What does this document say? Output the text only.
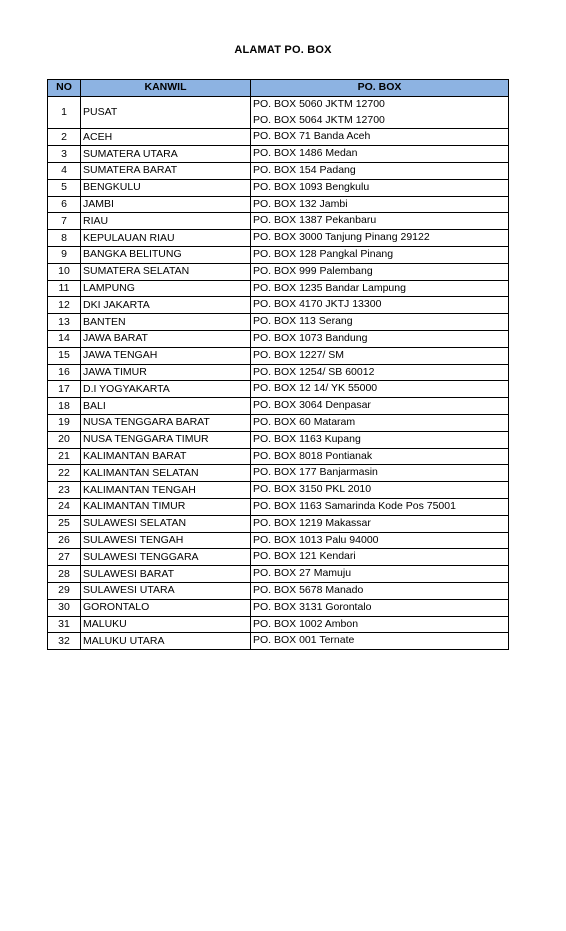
ALAMAT PO. BOX
NO	KANWIL	PO. BOX
1	PUSAT	PO. BOX 5060 JKTM 12700
PO. BOX 5064 JKTM 12700

2	ACEH	PO. BOX 71 Banda Aceh

3	SUMATERA UTARA	PO. BOX 1486 Medan

4	SUMATERA BARAT	PO. BOX 154 Padang

5	BENGKULU	PO. BOX 1093 Bengkulu

6	JAMBI	PO. BOX 132 Jambi

7	RIAU	PO. BOX 1387 Pekanbaru

8	KEPULAUAN RIAU	PO. BOX 3000 Tanjung Pinang 29122

9	BANGKA BELITUNG	PO. BOX 128 Pangkal Pinang

10	SUMATERA SELATAN	PO. BOX 999 Palembang

11	LAMPUNG	PO. BOX 1235 Bandar Lampung

12	DKI JAKARTA	PO. BOX 4170 JKTJ 13300

13	BANTEN	PO. BOX 113 Serang

14	JAWA BARAT	PO. BOX 1073 Bandung

15	JAWA TENGAH	PO. BOX 1227/ SM

16	JAWA TIMUR	PO. BOX 1254/ SB 60012

17	D.I YOGYAKARTA	PO. BOX 12 14/ YK 55000

18	BALI	PO. BOX 3064 Denpasar

19	NUSA TENGGARA BARAT	PO. BOX 60 Mataram

20	NUSA TENGGARA TIMUR	PO. BOX 1163 Kupang

21	KALIMANTAN BARAT	PO. BOX 8018 Pontianak

22	KALIMANTAN SELATAN	PO. BOX 177 Banjarmasin

23	KALIMANTAN TENGAH	PO. BOX 3150 PKL 2010

24	KALIMANTAN TIMUR	PO. BOX 1163 Samarinda Kode Pos 75001

25	SULAWESI SELATAN	PO. BOX 1219 Makassar

26	SULAWESI TENGAH	PO. BOX 1013 Palu 94000

27	SULAWESI TENGGARA	PO. BOX 121 Kendari

28	SULAWESI BARAT	PO. BOX 27 Mamuju

29	SULAWESI UTARA	PO. BOX 5678 Manado

30	GORONTALO	PO. BOX 3131 Gorontalo

31	MALUKU	PO. BOX 1002 Ambon

32	MALUKU UTARA	PO. BOX 001 Ternate
